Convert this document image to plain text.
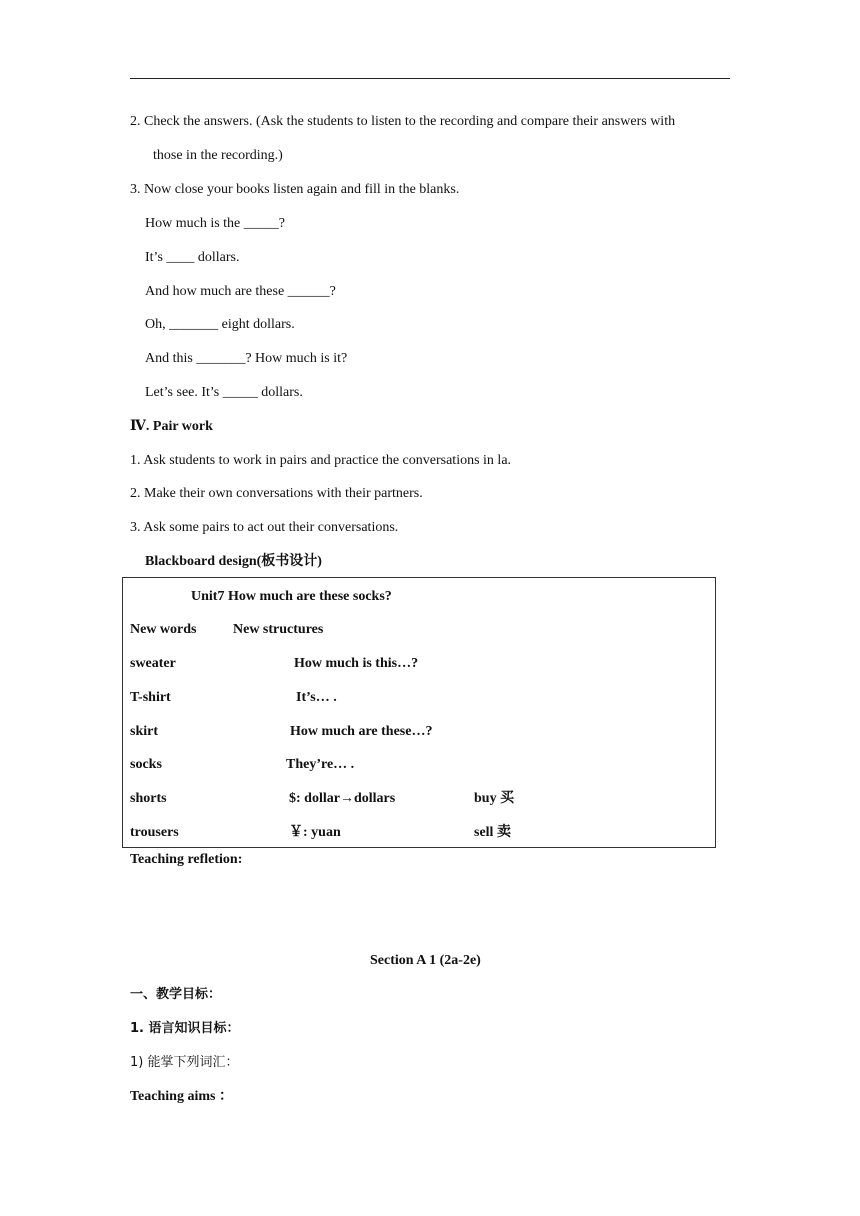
2. Check the answers. (Ask the students to listen to the recording and compare their answers with
those in the recording.)
3. Now close your books listen again and fill in the blanks.
How much is the _____?
It’s ____ dollars.
And how much are these ______?
Oh, _______ eight dollars.
And this _______? How much is it?
Let’s see. It’s _____ dollars.
Ⅳ. Pair work
1. Ask students to work in pairs and practice the conversations in la.
2. Make their own conversations with their partners.
3. Ask some pairs to act out their conversations.
Blackboard design(板书设计)
Unit7 How much are these socks?
New words	New structures
sweater	How much is this…?
T-shirt	It’s… .
skirt	How much are these…?
socks	They’re… .
shorts	$: dollar→dollars	buy 买
trousers	￥: yuan	sell 卖
Teaching refletion:
Section A 1 (2a-2e)
一、教学目标：
1. 语言知识目标：
1) 能掌下列词汇：
Teaching aims ：
